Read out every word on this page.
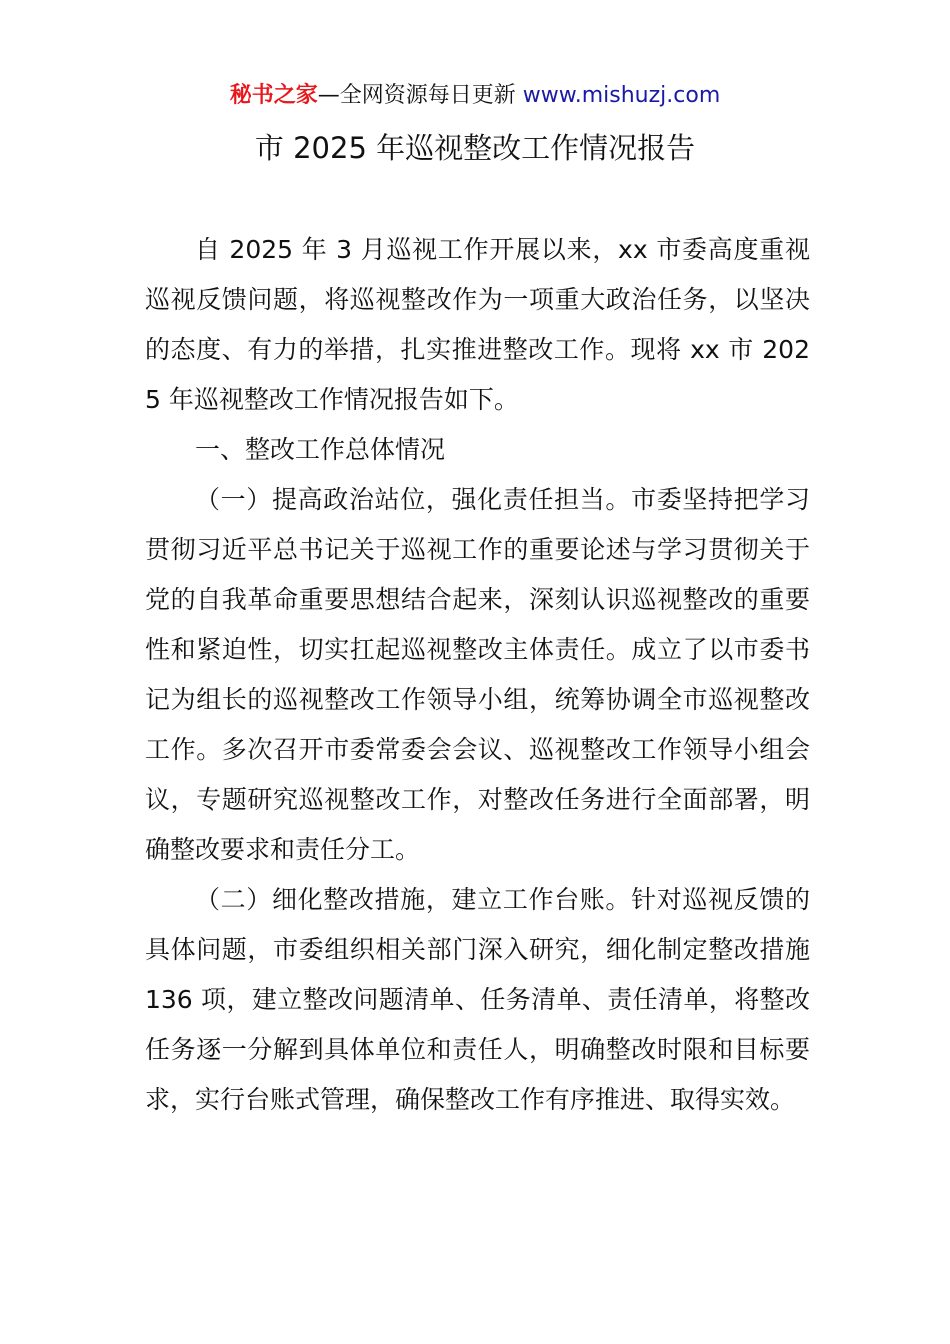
秘书之家—全网资源每日更新 www.mishuzj.com
市 2025 年巡视整改工作情况报告

自 2025 年 3 月巡视工作开展以来，xx 市委高度重视巡视反馈问题，将巡视整改作为一项重大政治任务，以坚决的态度、有力的举措，扎实推进整改工作。现将 xx 市 2025 年巡视整改工作情况报告如下。

一、整改工作总体情况

（一）提高政治站位，强化责任担当。市委坚持把学习贯彻习近平总书记关于巡视工作的重要论述与学习贯彻关于党的自我革命重要思想结合起来，深刻认识巡视整改的重要性和紧迫性，切实扛起巡视整改主体责任。成立了以市委书记为组长的巡视整改工作领导小组，统筹协调全市巡视整改工作。多次召开市委常委会会议、巡视整改工作领导小组会议，专题研究巡视整改工作，对整改任务进行全面部署，明确整改要求和责任分工。

（二）细化整改措施，建立工作台账。针对巡视反馈的具体问题，市委组织相关部门深入研究，细化制定整改措施 136 项，建立整改问题清单、任务清单、责任清单，将整改任务逐一分解到具体单位和责任人，明确整改时限和目标要求，实行台账式管理，确保整改工作有序推进、取得实效。
